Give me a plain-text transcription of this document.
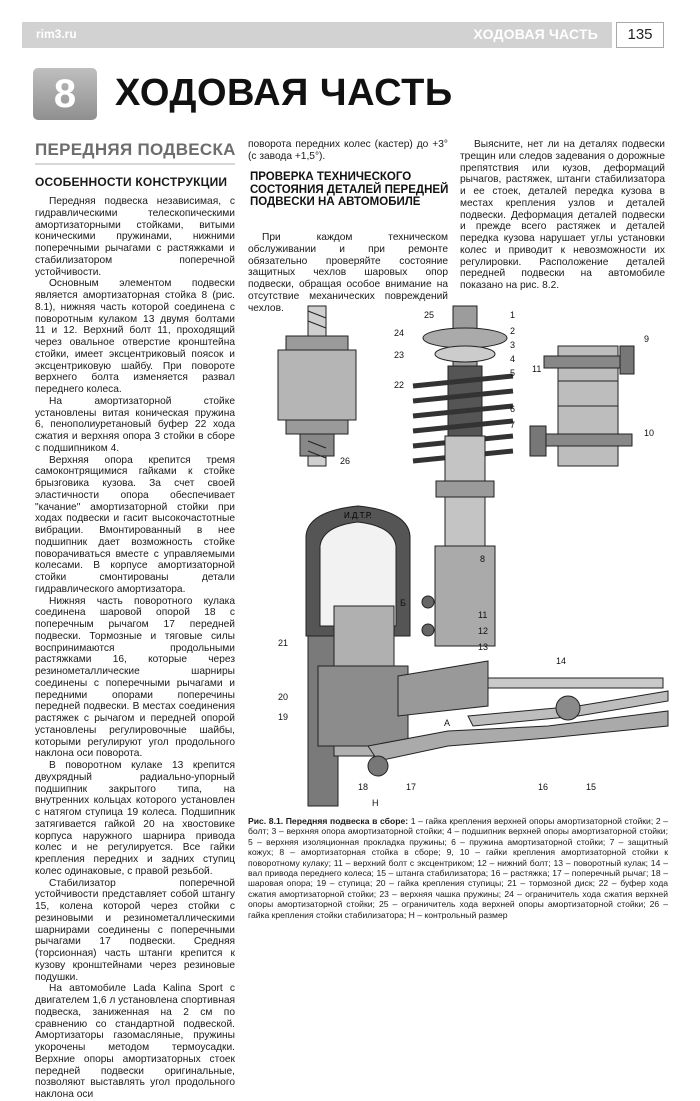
rim3.ru	ХОДОВАЯ ЧАСТЬ	135
8	ХОДОВАЯ ЧАСТЬ
ПЕРЕДНЯЯ ПОДВЕСКА
ОСОБЕННОСТИ КОНСТРУКЦИИ

Передняя подвеска независимая, с гидравлическими телескопическими амортизаторными стойками, витыми коническими пружинами, нижними поперечными рычагами с растяжками и стабилизатором поперечной устойчивости.

Основным элементом подвески является амортизаторная стойка 8 (рис. 8.1), нижняя часть которой соединена с поворотным кулаком 13 двумя болтами 11 и 12. Верхний болт 11, проходящий через овальное отверстие кронштейна стойки, имеет эксцентриковый поясок и эксцентриковую шайбу. При повороте верхнего болта изменяется развал переднего колеса.

На амортизаторной стойке установлены витая коническая пружина 6, пенополиуретановый буфер 22 хода сжатия и верхняя опора 3 стойки в сборе с подшипником 4.

Верхняя опора крепится тремя самоконтрящимися гайками к стойке брызговика кузова. За счет своей эластичности опора обеспечивает "качание" амортизаторной стойки при ходах подвески и гасит высокочастотные вибрации. Вмонтированный в нее подшипник дает возможность стойке поворачиваться вместе с управляемыми колесами. В корпусе амортизаторной стойки смонтированы детали гидравлического амортизатора.

Нижняя часть поворотного кулака соединена шаровой опорой 18 с поперечным рычагом 17 передней подвески. Тормозные и тяговые силы воспринимаются продольными растяжками 16, которые через резинометаллические шарниры соединены с поперечными рычагами и передними опорами поперечины передней подвески. В местах соединения растяжек с рычагом и передней опорой установлены регулировочные шайбы, которыми регулируют угол продольного наклона оси поворота.

В поворотном кулаке 13 крепится двухрядный радиально-упорный подшипник закрытого типа, на внутренних кольцах которого установлен с натягом ступица 19 колеса. Подшипник затягивается гайкой 20 на хвостовике корпуса наружного шарнира привода колес и не регулируется. Все гайки крепления передних и задних ступиц колес одинаковые, с правой резьбой.

Стабилизатор поперечной устойчивости представляет собой штангу 15, колена которой через стойки с резиновыми и резинометаллическими шарнирами соединены с поперечными рычагами 17 подвески. Средняя (торсионная) часть штанги крепится к кузову кронштейнами через резиновые подушки.

На автомобиле Lada Kalina Sport с двигателем 1,6 л установлена спортивная подвеска, заниженная на 2 см по сравнению со стандартной подвеской. Амортизаторы газомасляные, пружины укорочены методом термоусадки. Верхние опоры амортизаторных стоек передней подвески оригинальные, позволяют выставлять угол продольного наклона оси

поворота передних колес (кастер) до +3° (с завода +1,5°).
ПРОВЕРКА ТЕХНИЧЕСКОГО СОСТОЯНИЯ ДЕТАЛЕЙ ПЕРЕДНЕЙ ПОДВЕСКИ НА АВТОМОБИЛЕ

При каждом техническом обслуживании и при ремонте обязательно проверяйте состояние защитных чехлов шаровых опор подвески, обращая особое внимание на отсутствие механических повреждений чехлов.

Выясните, нет ли на деталях подвески трещин или следов задевания о дорожные препятствия или кузов, деформаций рычагов, растяжек, штанги стабилизатора и ее стоек, деталей передка кузова в местах крепления узлов и деталей подвески. Деформация деталей подвески и прежде всего растяжек и деталей передка кузова нарушает углы установки колес и приводит к невозможности их регулировки. Расположение деталей передней подвески на автомобиле показано на рис. 8.2.

И.Д.Т.Р.
25	1
2
3
24
23	4
5
22
6
7
8
9
11
10
26
Б
11
12
13
21
14
20
19
А
18	17	16	15
Н
Рис. 8.1. Передняя подвеска в сборе: 1 – гайка крепления верхней опоры амортизаторной стойки; 2 – болт; 3 – верхняя опора амортизаторной стойки; 4 – подшипник верхней опоры амортизаторной стойки; 5 – верхняя изоляционная прокладка пружины; 6 – пружина амортизаторной стойки; 7 – защитный кожух; 8 – амортизаторная стойка в сборе; 9, 10 – гайки крепления амортизаторной стойки к поворотному кулаку; 11 – верхний болт с эксцентриком; 12 – нижний болт; 13 – поворотный кулак; 14 – вал привода переднего колеса; 15 – штанга стабилизатора; 16 – растяжка; 17 – поперечный рычаг; 18 – шаровая опора; 19 – ступица; 20 – гайка крепления ступицы; 21 – тормозной диск; 22 – буфер хода сжатия амортизаторной стойки; 23 – верхняя чашка пружины; 24 – ограничитель хода сжатия верхней опоры амортизаторной стойки; 25 – ограничитель хода верхней опоры амортизаторной стойки; 26 – гайка крепления стойки стабилизатора; Н – контрольный размер
